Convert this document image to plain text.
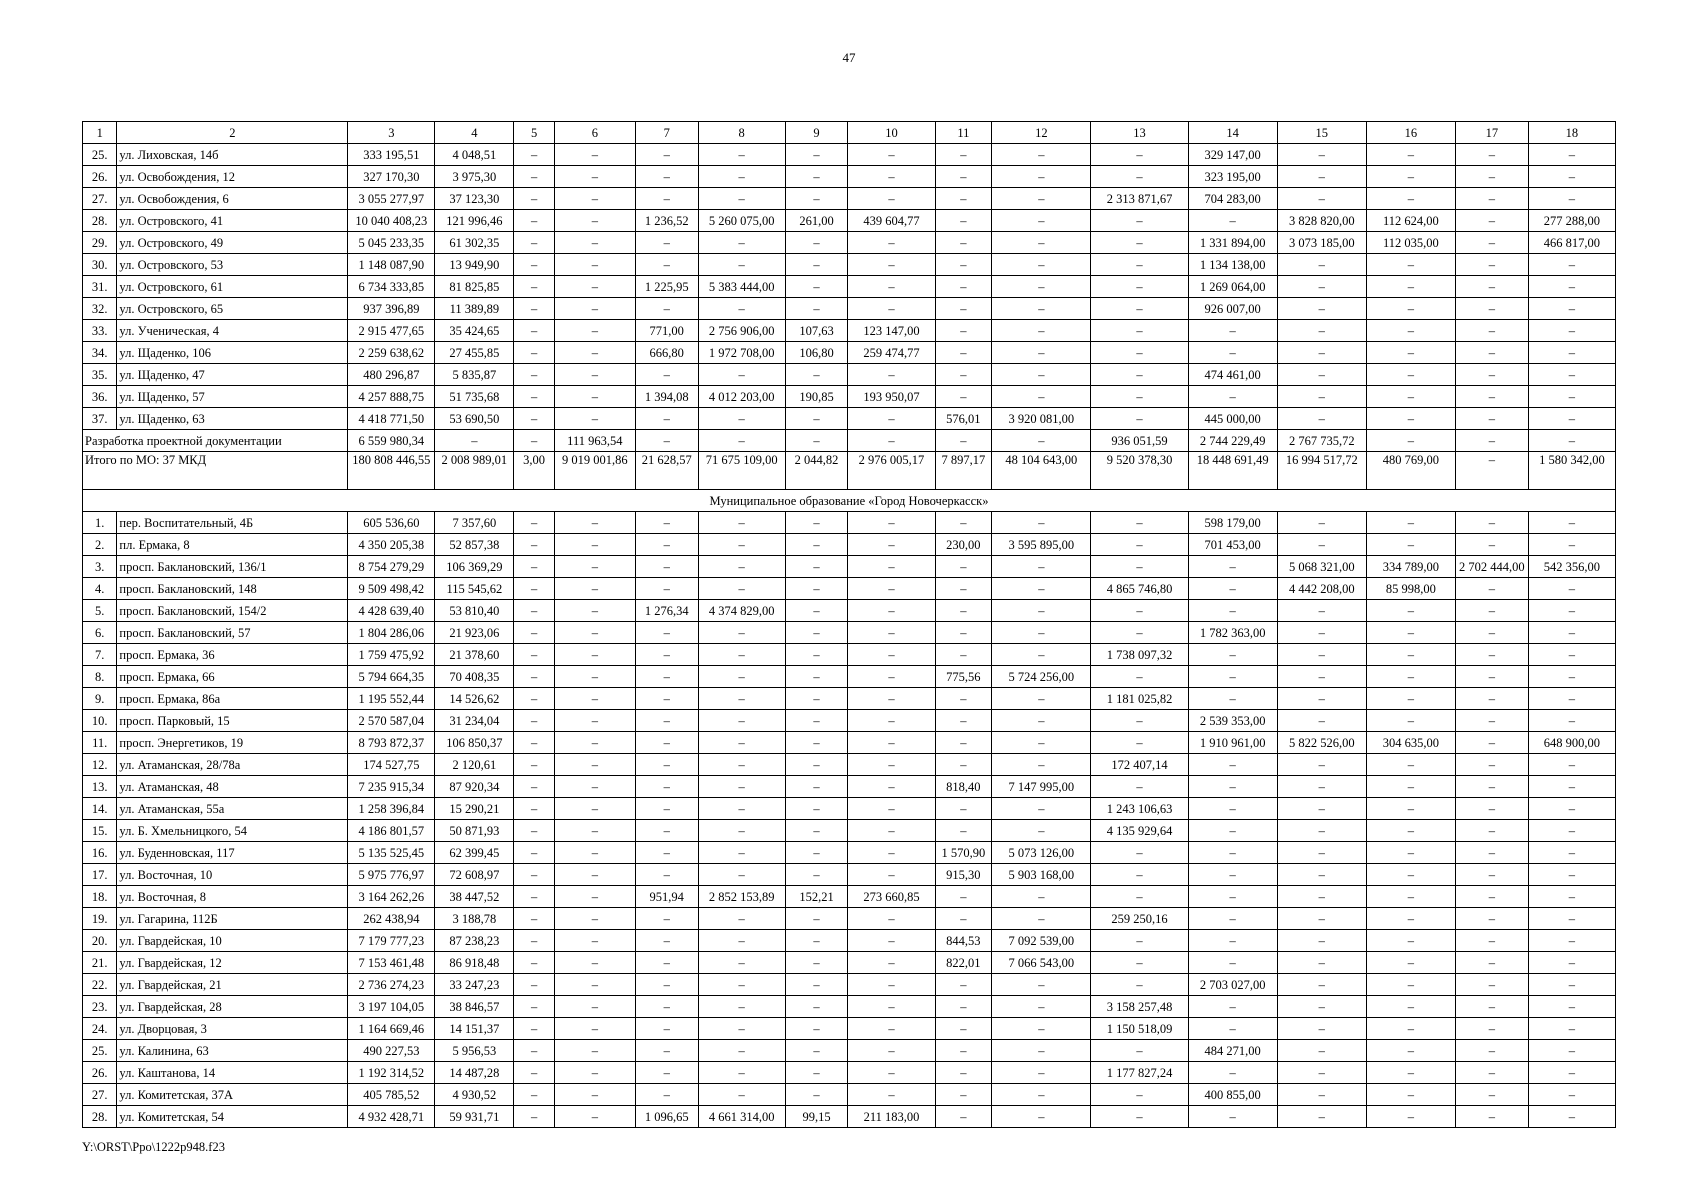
47
1	2	3	4	5	6	7	8	9	10	11	12	13	14	15	16	17	18
25.	ул. Лиховская, 14б	333 195,51	4 048,51	–	–	–	–	–	–	–	–	–	329 147,00	–	–	–	–
26.	ул. Освобождения, 12	327 170,30	3 975,30	–	–	–	–	–	–	–	–	–	323 195,00	–	–	–	–
27.	ул. Освобождения, 6	3 055 277,97	37 123,30	–	–	–	–	–	–	–	–	2 313 871,67	704 283,00	–	–	–	–
28.	ул. Островского, 41	10 040 408,23	121 996,46	–	–	1 236,52	5 260 075,00	261,00	439 604,77	–	–	–	–	3 828 820,00	112 624,00	–	277 288,00
29.	ул. Островского, 49	5 045 233,35	61 302,35	–	–	–	–	–	–	–	–	–	1 331 894,00	3 073 185,00	112 035,00	–	466 817,00
30.	ул. Островского, 53	1 148 087,90	13 949,90	–	–	–	–	–	–	–	–	–	1 134 138,00	–	–	–	–
31.	ул. Островского, 61	6 734 333,85	81 825,85	–	–	1 225,95	5 383 444,00	–	–	–	–	–	1 269 064,00	–	–	–	–
32.	ул. Островского, 65	937 396,89	11 389,89	–	–	–	–	–	–	–	–	–	926 007,00	–	–	–	–
33.	ул. Ученическая, 4	2 915 477,65	35 424,65	–	–	771,00	2 756 906,00	107,63	123 147,00	–	–	–	–	–	–	–	–
34.	ул. Щаденко, 106	2 259 638,62	27 455,85	–	–	666,80	1 972 708,00	106,80	259 474,77	–	–	–	–	–	–	–	–
35.	ул. Щаденко, 47	480 296,87	5 835,87	–	–	–	–	–	–	–	–	–	474 461,00	–	–	–	–
36.	ул. Щаденко, 57	4 257 888,75	51 735,68	–	–	1 394,08	4 012 203,00	190,85	193 950,07	–	–	–	–	–	–	–	–
37.	ул. Щаденко, 63	4 418 771,50	53 690,50	–	–	–	–	–	–	576,01	3 920 081,00	–	445 000,00	–	–	–	–
Разработка проектной документации		6 559 980,34	–	–	111 963,54	–	–	–	–	–	–	936 051,59	2 744 229,49	2 767 735,72	–	–	–
Итого по МО: 37 МКД		180 808 446,55	2 008 989,01	3,00	9 019 001,86	21 628,57	71 675 109,00	2 044,82	2 976 005,17	7 897,17	48 104 643,00	9 520 378,30	18 448 691,49	16 994 517,72	480 769,00	–	1 580 342,00
Муниципальное образование «Город Новочеркасск»																	
1.	пер. Воспитательный, 4Б	605 536,60	7 357,60	–	–	–	–	–	–	–	–	–	598 179,00	–	–	–	–
2.	пл. Ермака, 8	4 350 205,38	52 857,38	–	–	–	–	–	–	230,00	3 595 895,00	–	701 453,00	–	–	–	–
3.	просп. Баклановский, 136/1	8 754 279,29	106 369,29	–	–	–	–	–	–	–	–	–	–	5 068 321,00	334 789,00	2 702 444,00	542 356,00
4.	просп. Баклановский, 148	9 509 498,42	115 545,62	–	–	–	–	–	–	–	–	4 865 746,80	–	4 442 208,00	85 998,00	–	–
5.	просп. Баклановский, 154/2	4 428 639,40	53 810,40	–	–	1 276,34	4 374 829,00	–	–	–	–	–	–	–	–	–	–
6.	просп. Баклановский, 57	1 804 286,06	21 923,06	–	–	–	–	–	–	–	–	–	1 782 363,00	–	–	–	–
7.	просп. Ермака, 36	1 759 475,92	21 378,60	–	–	–	–	–	–	–	–	1 738 097,32	–	–	–	–	–
8.	просп. Ермака, 66	5 794 664,35	70 408,35	–	–	–	–	–	–	775,56	5 724 256,00	–	–	–	–	–	–
9.	просп. Ермака, 86а	1 195 552,44	14 526,62	–	–	–	–	–	–	–	–	1 181 025,82	–	–	–	–	–
10.	просп. Парковый, 15	2 570 587,04	31 234,04	–	–	–	–	–	–	–	–	–	2 539 353,00	–	–	–	–
11.	просп. Энергетиков, 19	8 793 872,37	106 850,37	–	–	–	–	–	–	–	–	–	1 910 961,00	5 822 526,00	304 635,00	–	648 900,00
12.	ул. Атаманская, 28/78а	174 527,75	2 120,61	–	–	–	–	–	–	–	–	172 407,14	–	–	–	–	–
13.	ул. Атаманская, 48	7 235 915,34	87 920,34	–	–	–	–	–	–	818,40	7 147 995,00	–	–	–	–	–	–
14.	ул. Атаманская, 55а	1 258 396,84	15 290,21	–	–	–	–	–	–	–	–	1 243 106,63	–	–	–	–	–
15.	ул. Б. Хмельницкого, 54	4 186 801,57	50 871,93	–	–	–	–	–	–	–	–	4 135 929,64	–	–	–	–	–
16.	ул. Буденновская, 117	5 135 525,45	62 399,45	–	–	–	–	–	–	1 570,90	5 073 126,00	–	–	–	–	–	–
17.	ул. Восточная, 10	5 975 776,97	72 608,97	–	–	–	–	–	–	915,30	5 903 168,00	–	–	–	–	–	–
18.	ул. Восточная, 8	3 164 262,26	38 447,52	–	–	951,94	2 852 153,89	152,21	273 660,85	–	–	–	–	–	–	–	–
19.	ул. Гагарина, 112Б	262 438,94	3 188,78	–	–	–	–	–	–	–	–	259 250,16	–	–	–	–	–
20.	ул. Гвардейская, 10	7 179 777,23	87 238,23	–	–	–	–	–	–	844,53	7 092 539,00	–	–	–	–	–	–
21.	ул. Гвардейская, 12	7 153 461,48	86 918,48	–	–	–	–	–	–	822,01	7 066 543,00	–	–	–	–	–	–
22.	ул. Гвардейская, 21	2 736 274,23	33 247,23	–	–	–	–	–	–	–	–	–	2 703 027,00	–	–	–	–
23.	ул. Гвардейская, 28	3 197 104,05	38 846,57	–	–	–	–	–	–	–	–	3 158 257,48	–	–	–	–	–
24.	ул. Дворцовая, 3	1 164 669,46	14 151,37	–	–	–	–	–	–	–	–	1 150 518,09	–	–	–	–	–
25.	ул. Калинина, 63	490 227,53	5 956,53	–	–	–	–	–	–	–	–	–	484 271,00	–	–	–	–
26.	ул. Каштанова, 14	1 192 314,52	14 487,28	–	–	–	–	–	–	–	–	1 177 827,24	–	–	–	–	–
27.	ул. Комитетская, 37А	405 785,52	4 930,52	–	–	–	–	–	–	–	–	–	400 855,00	–	–	–	–
28.	ул. Комитетская, 54	4 932 428,71	59 931,71	–	–	1 096,65	4 661 314,00	99,15	211 183,00	–	–	–	–	–	–	–	–
Y:\ORST\Ppo\1222p948.f23
